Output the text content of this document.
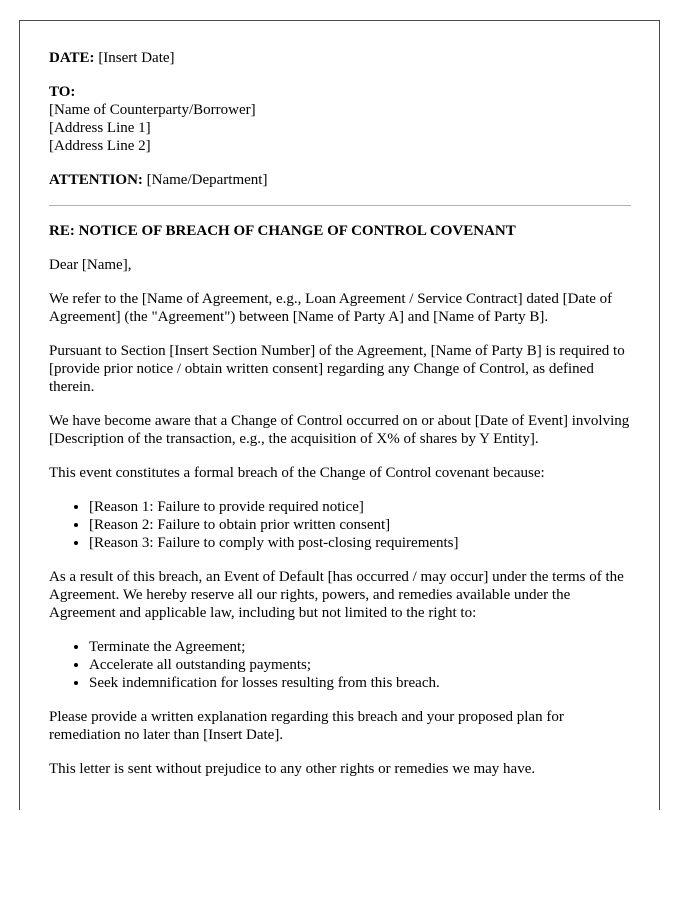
DATE: [Insert Date]

TO:
[Name of Counterparty/Borrower]
[Address Line 1]
[Address Line 2]

ATTENTION: [Name/Department]

RE: NOTICE OF BREACH OF CHANGE OF CONTROL COVENANT

Dear [Name],

We refer to the [Name of Agreement, e.g., Loan Agreement / Service Contract] dated [Date of Agreement] (the "Agreement") between [Name of Party A] and [Name of Party B].

Pursuant to Section [Insert Section Number] of the Agreement, [Name of Party B] is required to [provide prior notice / obtain written consent] regarding any Change of Control, as defined therein.

We have become aware that a Change of Control occurred on or about [Date of Event] involving [Description of the transaction, e.g., the acquisition of X% of shares by Y Entity].

This event constitutes a formal breach of the Change of Control covenant because:

• [Reason 1: Failure to provide required notice]
• [Reason 2: Failure to obtain prior written consent]
• [Reason 3: Failure to comply with post-closing requirements]

As a result of this breach, an Event of Default [has occurred / may occur] under the terms of the Agreement. We hereby reserve all our rights, powers, and remedies available under the Agreement and applicable law, including but not limited to the right to:

• Terminate the Agreement;
• Accelerate all outstanding payments;
• Seek indemnification for losses resulting from this breach.

Please provide a written explanation regarding this breach and your proposed plan for remediation no later than [Insert Date].

This letter is sent without prejudice to any other rights or remedies we may have.
